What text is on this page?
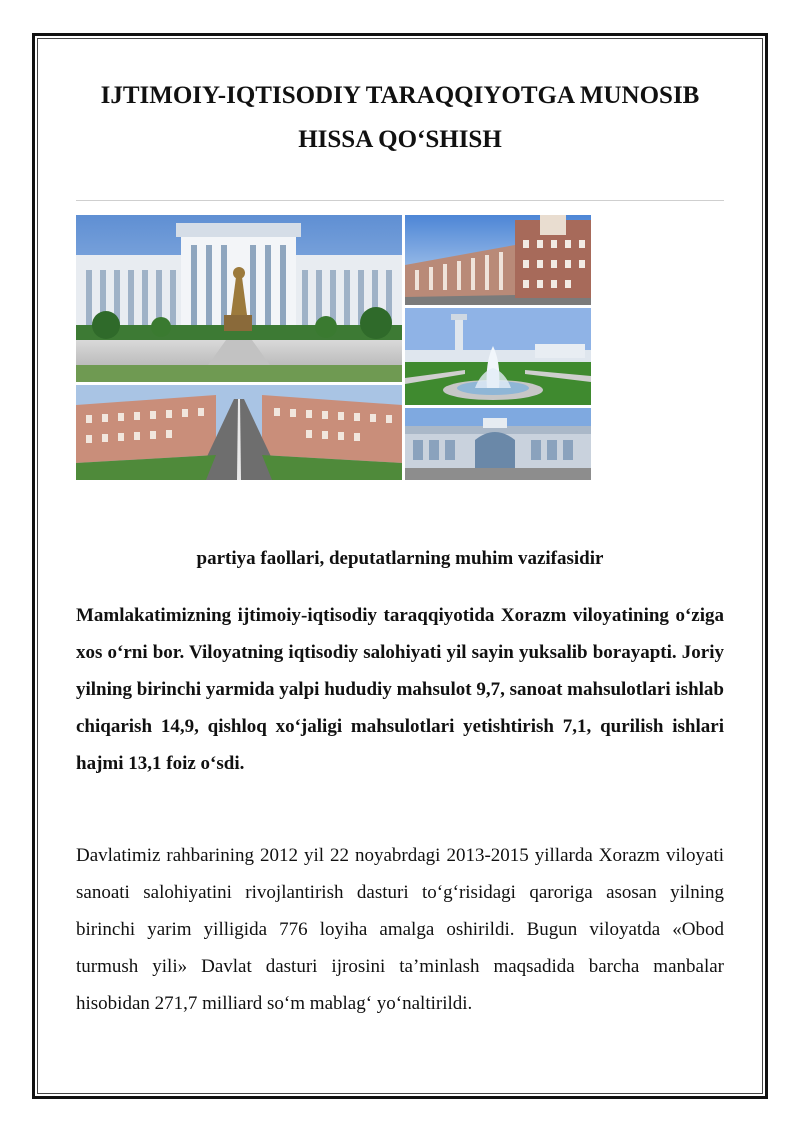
IJTIMOIY-IQTISODIY TARAQQIYOTGA MUNOSIB HISSA QO‘SHISH

partiya faollari, deputatlarning muhim vazifasidir

Mamlakatimizning ijtimoiy-iqtisodiy taraqqiyotida Xorazm viloyatining o‘ziga xos o‘rni bor. Viloyatning iqtisodiy salohiyati yil sayin yuksalib borayapti. Joriy yilning birinchi yarmida yalpi hududiy mahsulot 9,7, sanoat mahsulotlari ishlab chiqarish 14,9, qishloq xo‘jaligi mahsulotlari yetishtirish 7,1, qurilish ishlari hajmi 13,1 foiz o‘sdi.

Davlatimiz rahbarining 2012 yil 22 noyabrdagi 2013-2015 yillarda Xorazm viloyati sanoati salohiyatini rivojlantirish dasturi to‘g‘risidagi qaroriga asosan yilning birinchi yarim yilligida 776 loyiha amalga oshirildi. Bugun viloyatda «Obod turmush yili» Davlat dasturi ijrosini ta’minlash maqsadida barcha manbalar hisobidan 271,7 milliard so‘m mablag‘ yo‘naltirildi.
